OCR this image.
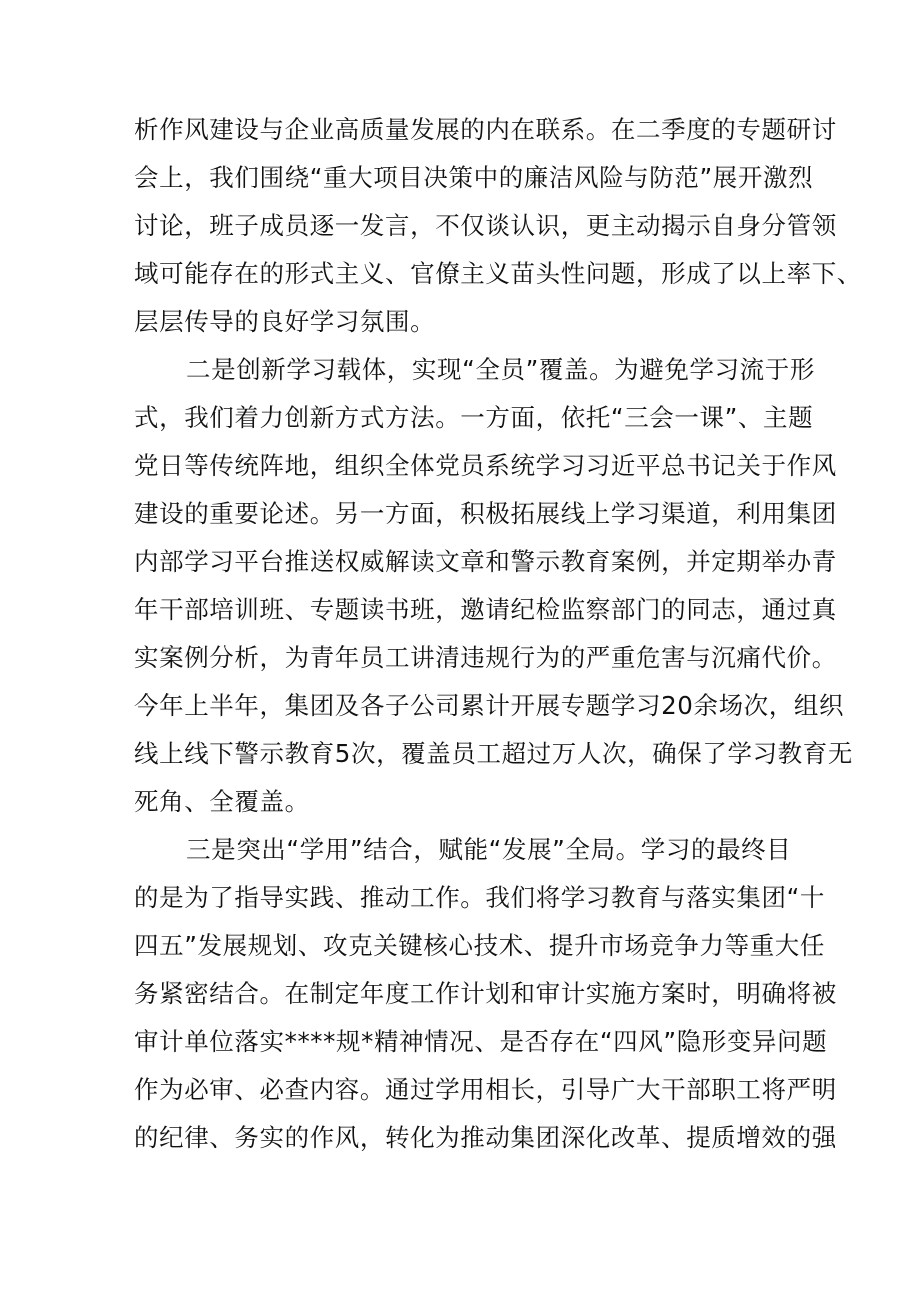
析作风建设与企业高质量发展的内在联系。在二季度的专题研讨
会上，我们围绕“重大项目决策中的廉洁风险与防范”展开激烈
讨论，班子成员逐一发言，不仅谈认识，更主动揭示自身分管领
域可能存在的形式主义、官僚主义苗头性问题，形成了以上率下、
层层传导的良好学习氛围。
二是创新学习载体，实现“全员”覆盖。为避免学习流于形
式，我们着力创新方式方法。一方面，依托“三会一课”、主题
党日等传统阵地，组织全体党员系统学习习近平总书记关于作风
建设的重要论述。另一方面，积极拓展线上学习渠道，利用集团
内部学习平台推送权威解读文章和警示教育案例，并定期举办青
年干部培训班、专题读书班，邀请纪检监察部门的同志，通过真
实案例分析，为青年员工讲清违规行为的严重危害与沉痛代价。
今年上半年，集团及各子公司累计开展专题学习20余场次，组织
线上线下警示教育5次，覆盖员工超过万人次，确保了学习教育无
死角、全覆盖。
三是突出“学用”结合，赋能“发展”全局。学习的最终目
的是为了指导实践、推动工作。我们将学习教育与落实集团“十
四五”发展规划、攻克关键核心技术、提升市场竞争力等重大任
务紧密结合。在制定年度工作计划和审计实施方案时，明确将被
审计单位落实****规*精神情况、是否存在“四风”隐形变异问题
作为必审、必查内容。通过学用相长，引导广大干部职工将严明
的纪律、务实的作风，转化为推动集团深化改革、提质增效的强
